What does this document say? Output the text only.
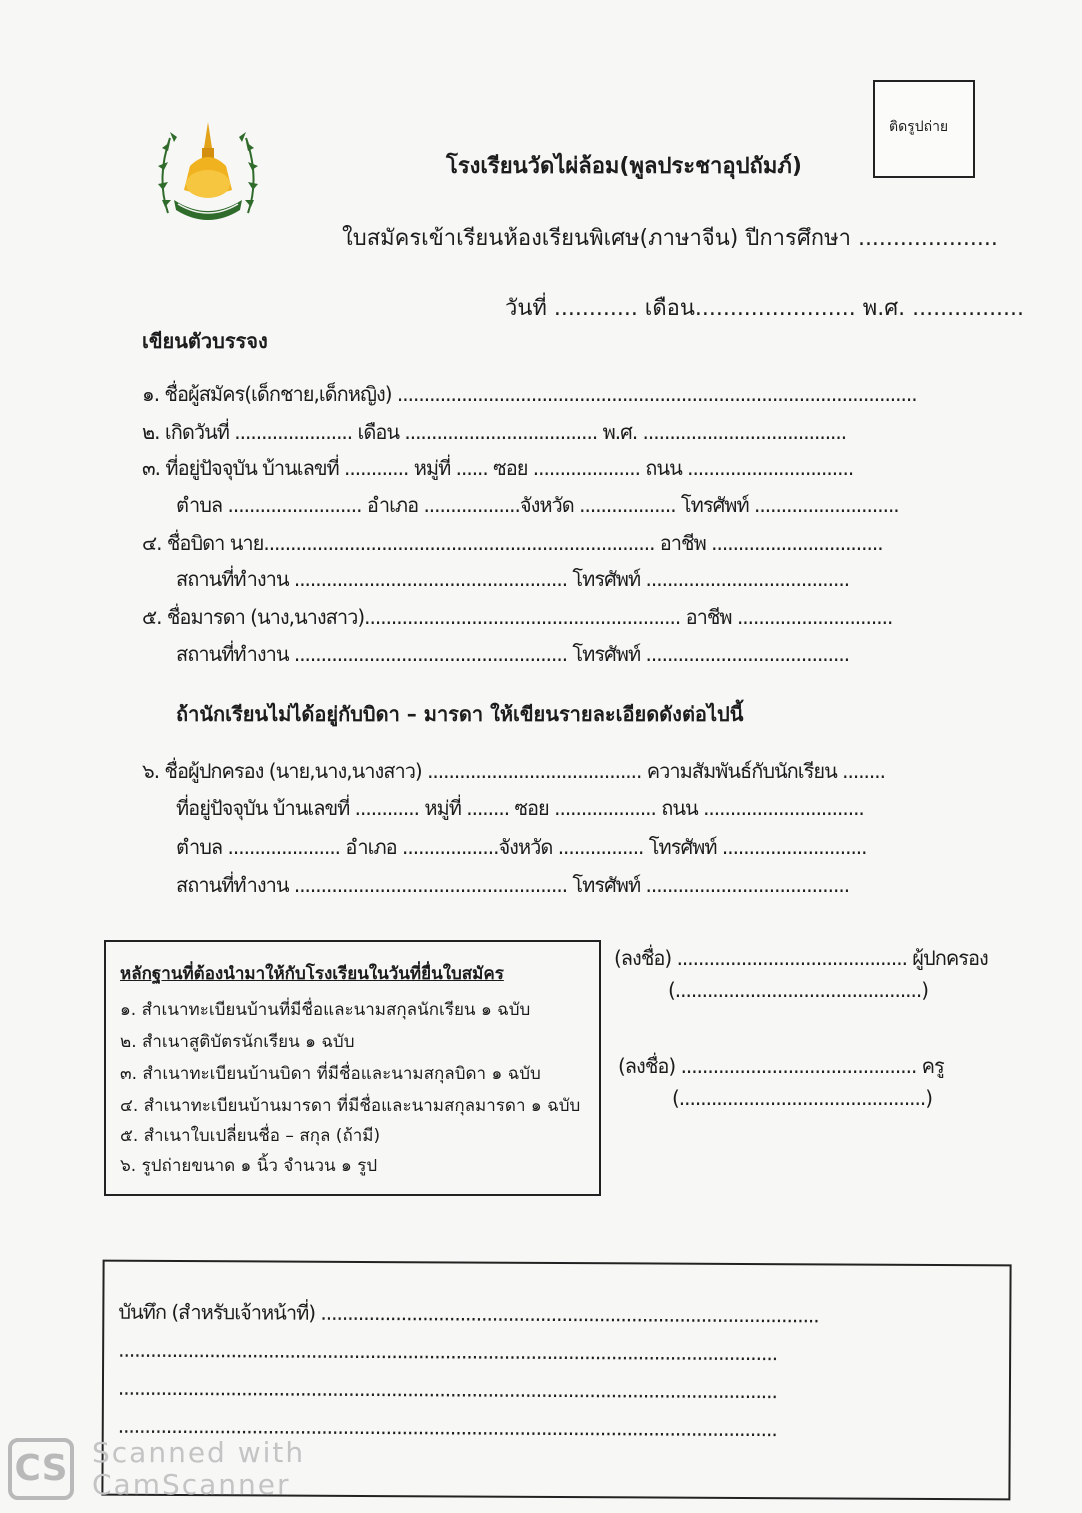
ติดรูปถ่าย
โรงเรียนวัดไผ่ล้อม(พูลประชาอุปถัมภ์)
ใบสมัครเข้าเรียนห้องเรียนพิเศษ(ภาษาจีน) ปีการศึกษา ....................
วันที่ ............ เดือน....................... พ.ศ. ................
เขียนตัวบรรจง
๑. ชื่อผู้สมัคร(เด็กชาย,เด็กหญิง) .................................................................................................
๒. เกิดวันที่ ...................... เดือน .................................... พ.ศ. ......................................
๓. ที่อยู่ปัจจุบัน บ้านเลขที่ ............ หมู่ที่ ...... ซอย .................... ถนน ...............................
ตำบล ......................... อำเภอ ..................จังหวัด .................. โทรศัพท์ ...........................
๔. ชื่อบิดา นาย......................................................................... อาชีพ ................................
สถานที่ทำงาน ................................................... โทรศัพท์ ......................................
๕. ชื่อมารดา (นาง,นางสาว)........................................................... อาชีพ .............................
สถานที่ทำงาน ................................................... โทรศัพท์ ......................................
ถ้านักเรียนไม่ได้อยู่กับบิดา – มารดา ให้เขียนรายละเอียดดังต่อไปนี้
๖. ชื่อผู้ปกครอง (นาย,นาง,นางสาว) ........................................ ความสัมพันธ์กับนักเรียน ........
ที่อยู่ปัจจุบัน บ้านเลขที่ ............ หมู่ที่ ........ ซอย ................... ถนน ..............................
ตำบล ..................... อำเภอ ..................จังหวัด ................ โทรศัพท์ ...........................
สถานที่ทำงาน ................................................... โทรศัพท์ ......................................
หลักฐานที่ต้องนำมาให้กับโรงเรียนในวันที่ยื่นใบสมัคร
๑. สำเนาทะเบียนบ้านที่มีชื่อและนามสกุลนักเรียน ๑ ฉบับ
๒. สำเนาสูติบัตรนักเรียน ๑ ฉบับ
๓. สำเนาทะเบียนบ้านบิดา ที่มีชื่อและนามสกุลบิดา ๑ ฉบับ
๔. สำเนาทะเบียนบ้านมารดา ที่มีชื่อและนามสกุลมารดา ๑ ฉบับ
๕. สำเนาใบเปลี่ยนชื่อ – สกุล (ถ้ามี)
๖. รูปถ่ายขนาด ๑ นิ้ว จำนวน ๑ รูป
(ลงชื่อ) ........................................... ผู้ปกครอง
(..............................................)
(ลงชื่อ) ............................................ ครู
(..............................................)
บันทึก (สำหรับเจ้าหน้าที่) .............................................................................................
...........................................................................................................................
...........................................................................................................................
...........................................................................................................................
CS Scanned with
CamScanner
